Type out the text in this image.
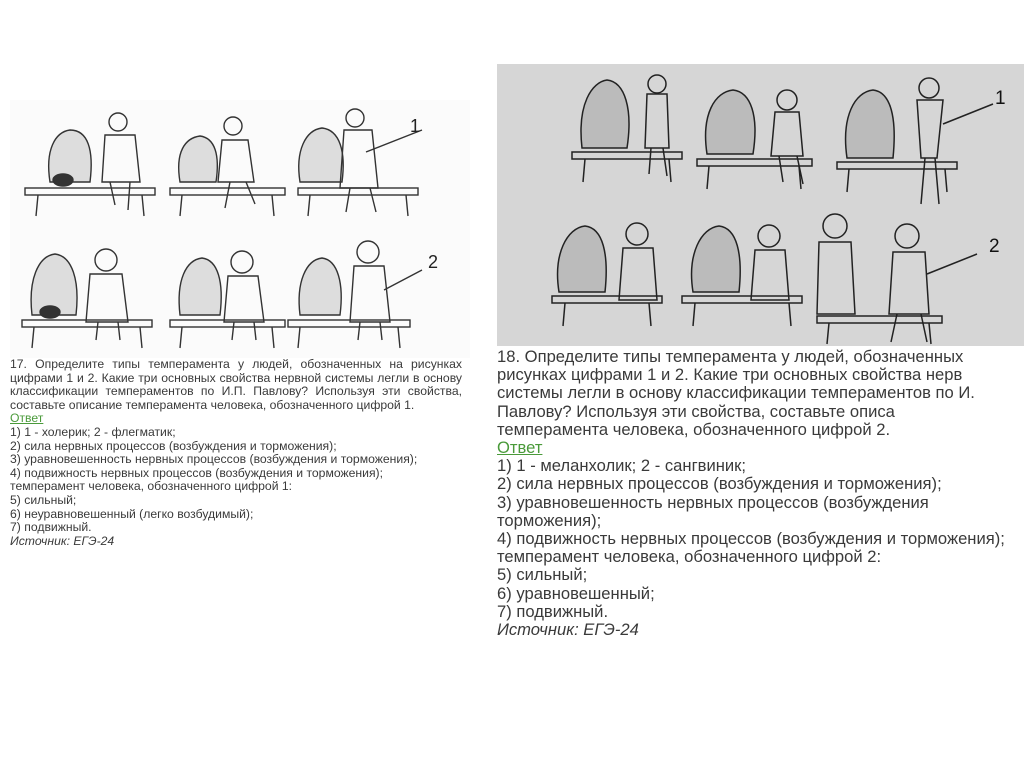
1
2
1
2

17. Определите типы темперамента у людей, обозначенных на рисунках цифрами 1 и 2. Какие три основных свойства нервной системы легли в основу классификации темпераментов по И.П. Павлову? Используя эти свойства, составьте описание темперамента человека, обозначенного цифрой 1.

Ответ

1) 1 - холерик; 2 - флегматик;

2) сила нервных процессов (возбуждения и торможения);

3) уравновешенность нервных процессов (возбуждения и торможения);

4) подвижность нервных процессов (возбуждения и торможения);

темперамент человека, обозначенного цифрой 1:

5) сильный;

6) неуравновешенный (легко возбудимый);

7) подвижный.

Источник: ЕГЭ-24

18. Определите типы темперамента у людей, обозначенных

рисунках цифрами 1 и 2. Какие три основных свойства нерв

системы легли в основу классификации темпераментов по И.

Павлову? Используя эти свойства, составьте описа

темперамента человека, обозначенного цифрой 2.

Ответ

1) 1 - меланхолик; 2 - сангвиник;

2) сила нервных процессов (возбуждения и торможения);

3) уравновешенность нервных процессов (возбуждения

торможения);

4) подвижность нервных процессов (возбуждения и торможения);

темперамент человека, обозначенного цифрой 2:

5) сильный;

6) уравновешенный;

7) подвижный.

Источник: ЕГЭ-24
